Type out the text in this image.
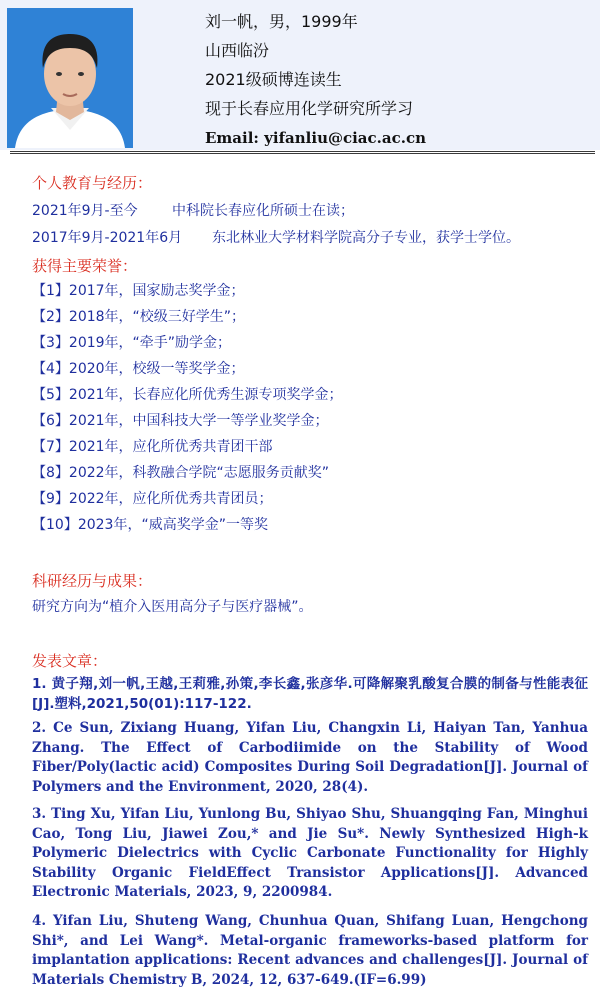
刘一帆，男，1999年
山西临汾
2021级硕博连读生
现于长春应用化学研究所学习
Email: yifanliu@ciac.ac.cn
个人教育与经历：
2021年9月-至今 中科院长春应化所硕士在读；
2017年9月-2021年6月 东北林业大学材料学院高分子专业，获学士学位。
获得主要荣誉：
【1】2017年，国家励志奖学金；
【2】2018年，“校级三好学生”；
【3】2019年，“牵手”励学金；
【4】2020年，校级一等奖学金；
【5】2021年，长春应化所优秀生源专项奖学金；
【6】2021年，中国科技大学一等学业奖学金；
【7】2021年，应化所优秀共青团干部
【8】2022年，科教融合学院“志愿服务贡献奖”
【9】2022年，应化所优秀共青团员；
【10】2023年，“威高奖学金”一等奖
科研经历与成果：
研究方向为“植介入医用高分子与医疗器械”。
发表文章：
1. 黄子翔,刘一帆,王越,王莉雅,孙策,李长鑫,张彦华.可降解聚乳酸复合膜的制备与性能表征[J].塑料,2021,50(01):117-122.
2. Ce Sun, Zixiang Huang, Yifan Liu, Changxin Li, Haiyan Tan, Yanhua Zhang. The Effect of Carbodiimide on the Stability of Wood Fiber/Poly(lactic acid) Composites During Soil Degradation[J]. Journal of Polymers and the Environment, 2020, 28(4).
3. Ting Xu, Yifan Liu, Yunlong Bu, Shiyao Shu, Shuangqing Fan, Minghui Cao, Tong Liu, Jiawei Zou,* and Jie Su*. Newly Synthesized High-k Polymeric Dielectrics with Cyclic Carbonate Functionality for Highly Stability Organic FieldEffect Transistor Applications[J]. Advanced Electronic Materials, 2023, 9, 2200984.
4. Yifan Liu, Shuteng Wang, Chunhua Quan, Shifang Luan, Hengchong Shi*, and Lei Wang*. Metal-organic frameworks-based platform for implantation applications: Recent advances and challenges[J]. Journal of Materials Chemistry B, 2024, 12, 637-649.(IF=6.99)
